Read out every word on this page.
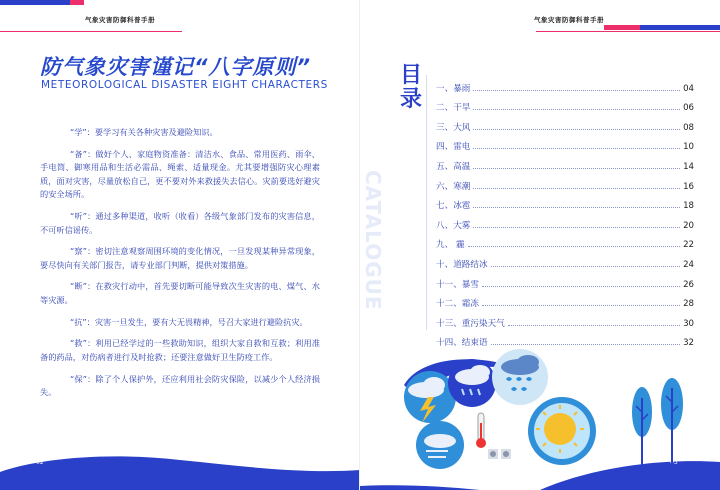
气象灾害防御科普手册
防气象灾害谨记“八字原则”
METEOROLOGICAL DISASTER EIGHT CHARACTERS

“学”：要学习有关各种灾害及避险知识。

“备”：做好个人、家庭物资准备：清洁水、食品、常用医药、雨伞、手电筒、御寒用品和生活必需品、绳索、适量现金。尤其要增强防灾心理素质，面对灾害，尽量放松自己，更不要对外来救援失去信心。灾前要选好避灾的安全场所。

“听”：通过多种渠道，收听（收看）各级气象部门发布的灾害信息，不可听信谣传。

“察”：密切注意观察周围环境的变化情况，一旦发现某种异常现象，要尽快向有关部门报告，请专业部门判断，提供对策措施。

“断”：在救灾行动中，首先要切断可能导致次生灾害的电、煤气、水等灾源。

“抗”：灾害一旦发生，要有大无畏精神，号召大家进行避险抗灾。

“救”：利用已经学过的一些救助知识，组织大家自救和互救；利用准备的药品，对伤病者进行及时抢救；还要注意做好卫生防疫工作。

“保”：除了个人保护外，还应利用社会防灾保险，以减少个人经济损失。

02
气象灾害防御科普手册
CATALOGUE
目
录 一、暴雨	04
二、干旱	06
三、大风	08
四、雷电	10
五、高温	14
六、寒潮	16
七、冰雹	18
八、大雾	20
九、 霾	22
十、道路结冰	24
十一、暴雪	26
十二、霜冻	28
十三、重污染天气	30
十四、结束语	32
03
